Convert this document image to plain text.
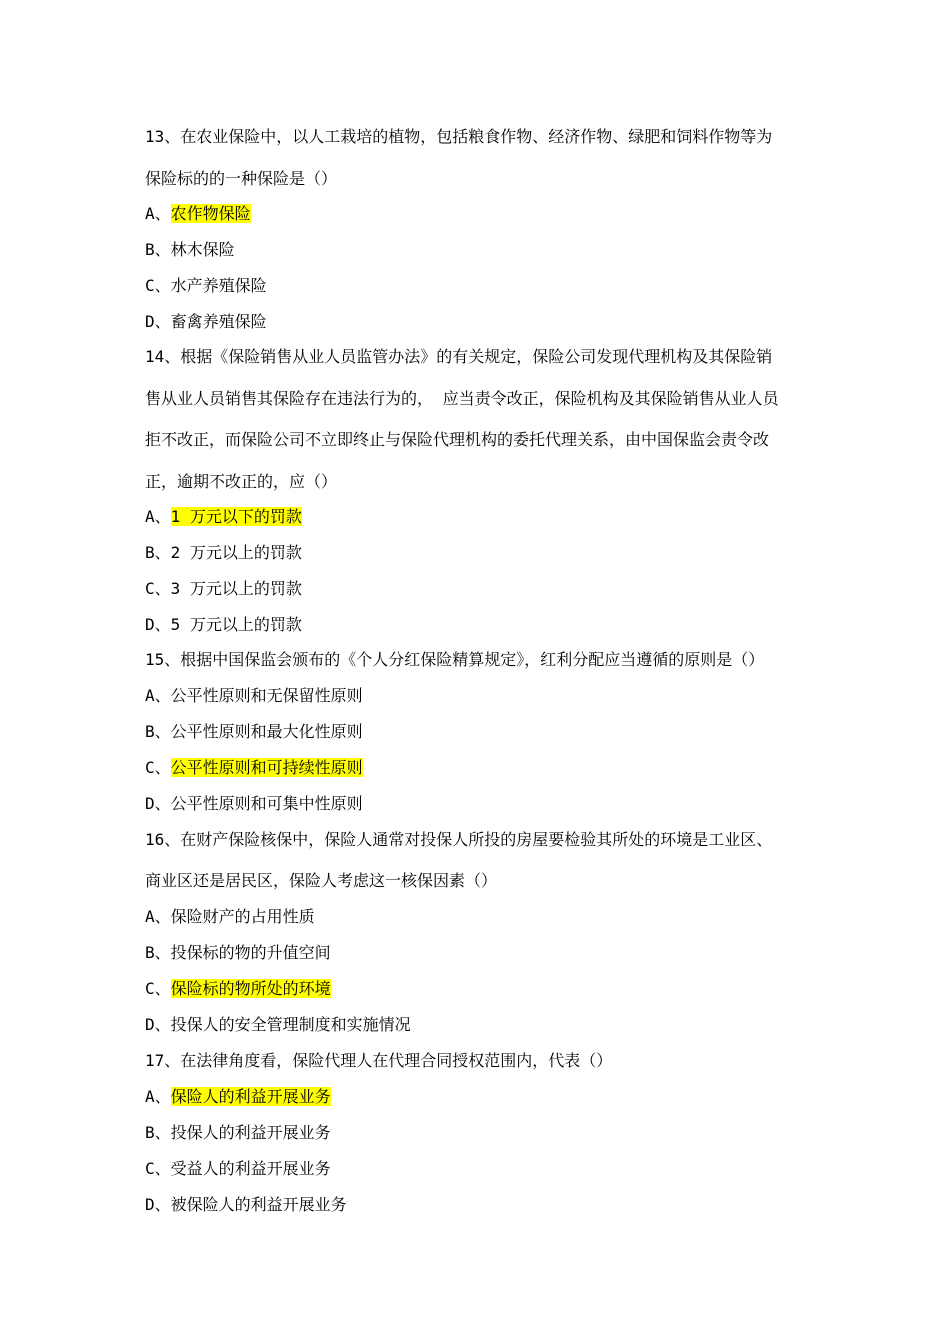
13、在农业保险中，以人工栽培的植物，包括粮食作物、经济作物、绿肥和饲料作物等为
保险标的的一种保险是（）
A、农作物保险
B、林木保险
C、水产养殖保险
D、畜禽养殖保险
14、根据《保险销售从业人员监管办法》的有关规定，保险公司发现代理机构及其保险销
售从业人员销售其保险存在违法行为的， 应当责令改正，保险机构及其保险销售从业人员
拒不改正，而保险公司不立即终止与保险代理机构的委托代理关系，由中国保监会责令改
正，逾期不改正的，应（）
A、1 万元以下的罚款
B、2 万元以上的罚款
C、3 万元以上的罚款
D、5 万元以上的罚款
15、根据中国保监会颁布的《个人分红保险精算规定》，红利分配应当遵循的原则是（）
A、公平性原则和无保留性原则
B、公平性原则和最大化性原则
C、公平性原则和可持续性原则
D、公平性原则和可集中性原则
16、在财产保险核保中，保险人通常对投保人所投的房屋要检验其所处的环境是工业区、
商业区还是居民区，保险人考虑这一核保因素（）
A、保险财产的占用性质
B、投保标的物的升值空间
C、保险标的物所处的环境
D、投保人的安全管理制度和实施情况
17、在法律角度看，保险代理人在代理合同授权范围内，代表（）
A、保险人的利益开展业务
B、投保人的利益开展业务
C、受益人的利益开展业务
D、被保险人的利益开展业务
